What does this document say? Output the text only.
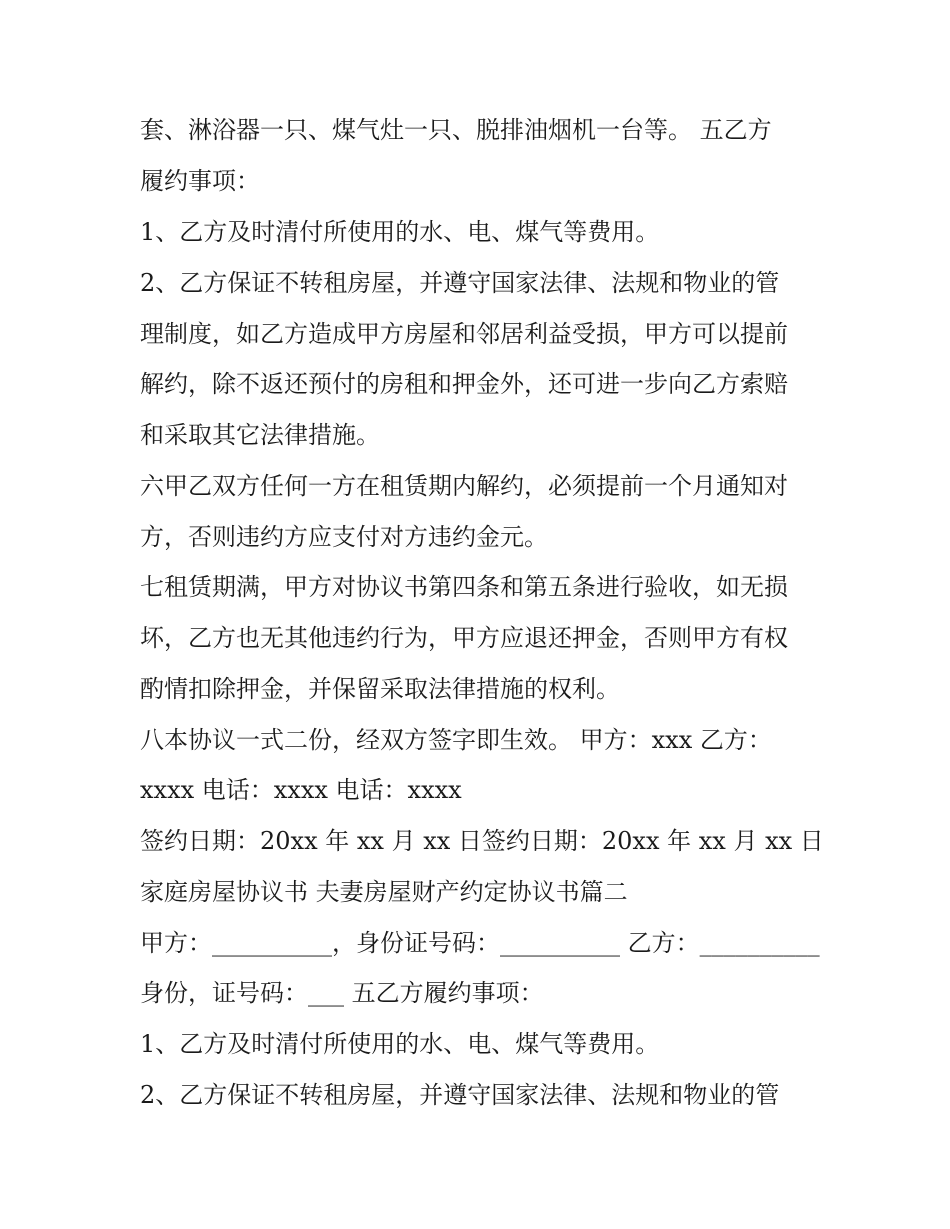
套、淋浴器一只、煤气灶一只、脱排油烟机一台等。 五乙方

履约事项：

1、乙方及时清付所使用的水、电、煤气等费用。

2、乙方保证不转租房屋，并遵守国家法律、法规和物业的管

理制度，如乙方造成甲方房屋和邻居利益受损，甲方可以提前

解约，除不返还预付的房租和押金外，还可进一步向乙方索赔

和采取其它法律措施。

六甲乙双方任何一方在租赁期内解约，必须提前一个月通知对

方，否则违约方应支付对方违约金元。

七租赁期满，甲方对协议书第四条和第五条进行验收，如无损

坏，乙方也无其他违约行为，甲方应退还押金，否则甲方有权

酌情扣除押金，并保留采取法律措施的权利。

八本协议一式二份，经双方签字即生效。 甲方：xxx 乙方：

xxxx 电话：xxxx 电话：xxxx

签约日期：20xx 年 xx 月 xx 日签约日期：20xx 年 xx 月 xx 日

家庭房屋协议书 夫妻房屋财产约定协议书篇二

甲方：__________，身份证号码：__________ 乙方：__________

身份，证号码：___ 五乙方履约事项：

1、乙方及时清付所使用的水、电、煤气等费用。

2、乙方保证不转租房屋，并遵守国家法律、法规和物业的管
